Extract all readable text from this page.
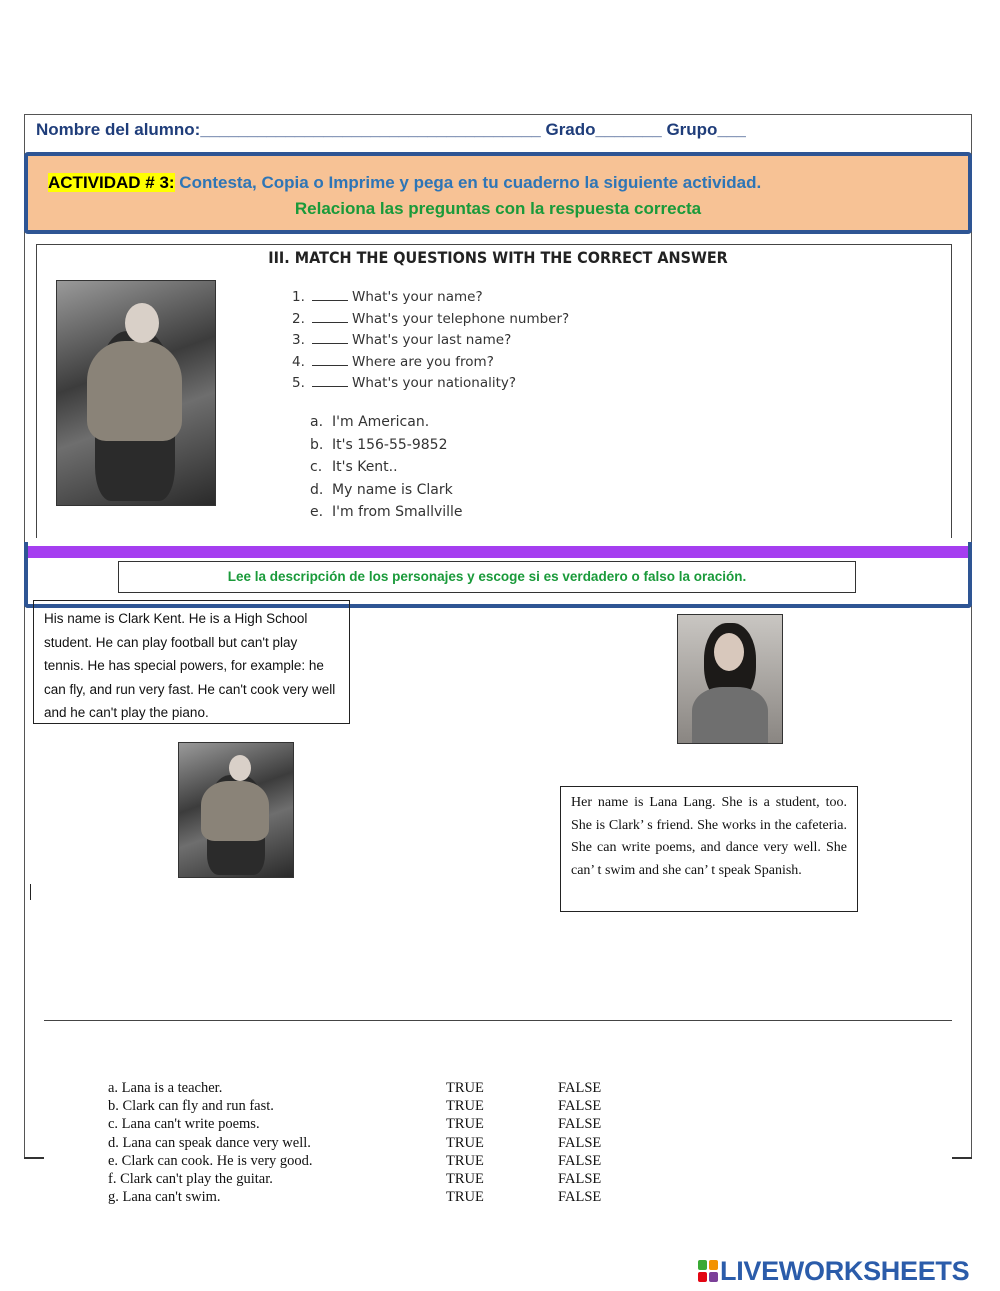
Nombre del alumno:____________________________________ Grado_______ Grupo___
ACTIVIDAD # 3: Contesta, Copia o Imprime y pega en tu cuaderno la siguiente actividad.
Relaciona las preguntas con la respuesta correcta
III. MATCH THE QUESTIONS WITH THE CORRECT ANSWER
1.	What's your name?
2.	What's your telephone number?
3.	What's your last name?
4.	Where are you from?
5.	What's your nationality?
a. I'm American.
b. It's 156-55-9852
c. It's Kent..
d. My name is Clark
e. I'm from Smallville
Lee la descripción de los personajes y escoge si es verdadero o falso la oración.
His name is Clark Kent. He is a High School student. He can play football but can't play tennis. He has special powers, for example: he can fly, and run very fast. He can't cook very well and he can't play the piano.
Her name is Lana Lang. She is a student, too. She is Clark’ s friend. She works in the cafeteria. She can write poems, and dance very well. She can’ t swim and she can’ t speak Spanish.
a. Lana is a teacher.	TRUE	FALSE
b. Clark can fly and run fast.	TRUE	FALSE
c. Lana can't write poems.	TRUE	FALSE
d. Lana can speak dance very well.	TRUE	FALSE
e. Clark can cook. He is very good.	TRUE	FALSE
f. Clark can't play the guitar.	TRUE	FALSE
g. Lana can't swim.	TRUE	FALSE
LIVEWORKSHEETS
